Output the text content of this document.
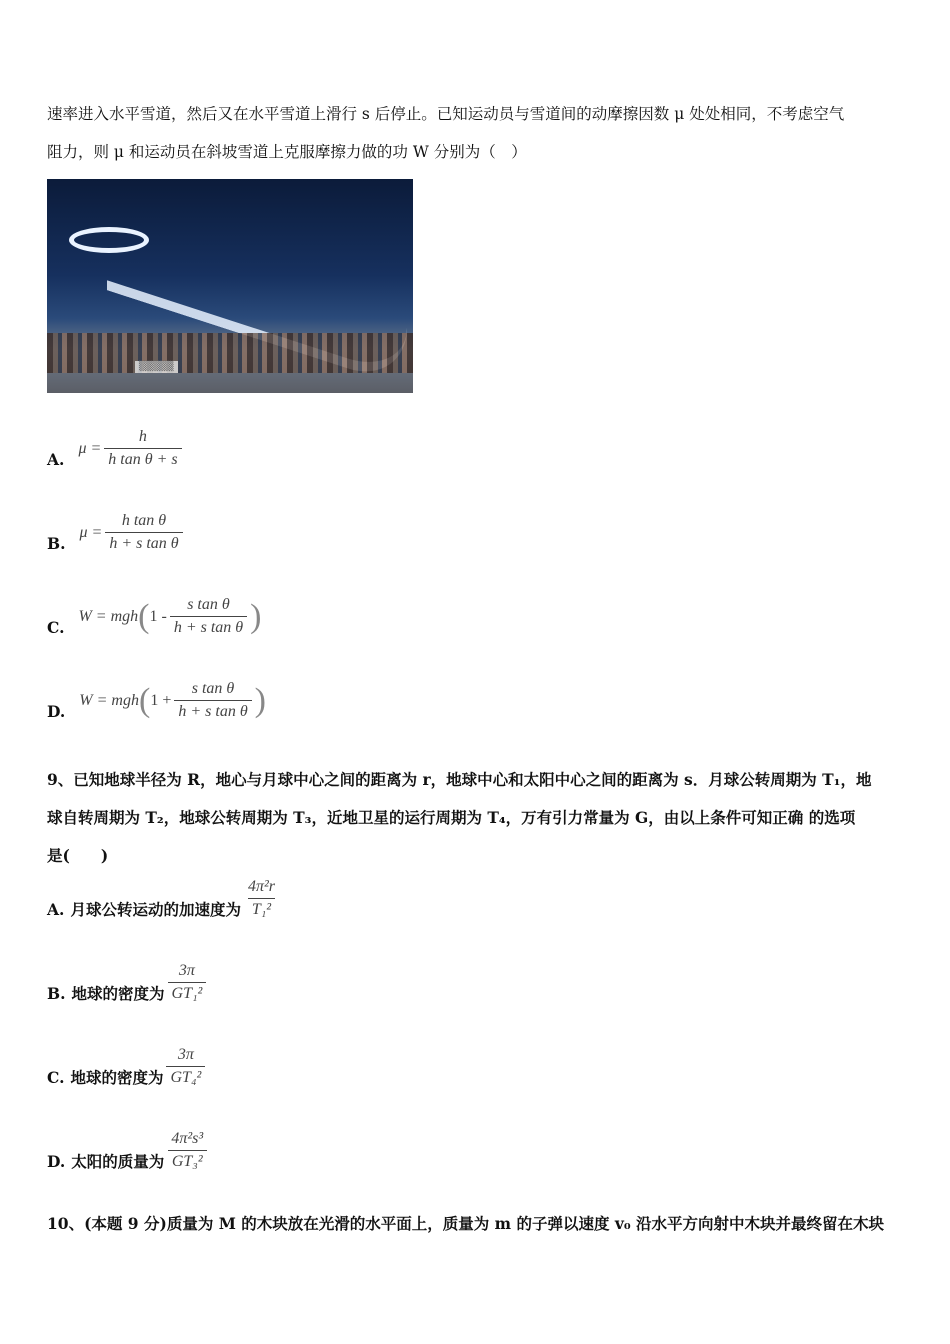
速率进入水平雪道，然后又在水平雪道上滑行 s 后停止。已知运动员与雪道间的动摩擦因数 μ 处处相同，不考虑空气
阻力，则 μ 和运动员在斜坡雪道上克服摩擦力做的功 W 分别为（　）
▒▒▒▒▒
A.
$\mu = \frac{h}{\text{h tan θ + s}}$
B.
$\mu = \frac{\text{h tan θ}}{\text{h + s tan θ}}$
C.
W = mgh ( $1 - \frac{\text{s tan θ}}{\text{h + s tan θ}}$ )
D.
W = mgh ( $1 + \frac{\text{s tan θ}}{\text{h + s tan θ}}$ )
9、已知地球半径为 R，地心与月球中心之间的距离为 r，地球中心和太阳中心之间的距离为 s．月球公转周期为 T₁，地
球自转周期为 T₂，地球公转周期为 T₃，近地卫星的运行周期为 T₄，万有引力常量为 G，由以上条件可知正确 的选项
是(　　)
A. 月球公转运动的加速度为 $\frac{\text{4π²r}}{\text{T₁²}}$
B. 地球的密度为 $\frac{3\pi}{\text{GT₁²}}$
C. 地球的密度为 $\frac{3\pi}{\text{GT₄²}}$
D. 太阳的质量为 $\frac{\text{4π²s³}}{\text{GT₃²}}$
10、(本题 9 分)质量为 M 的木块放在光滑的水平面上，质量为 m 的子弹以速度 v₀ 沿水平方向射中木块并最终留在木块
